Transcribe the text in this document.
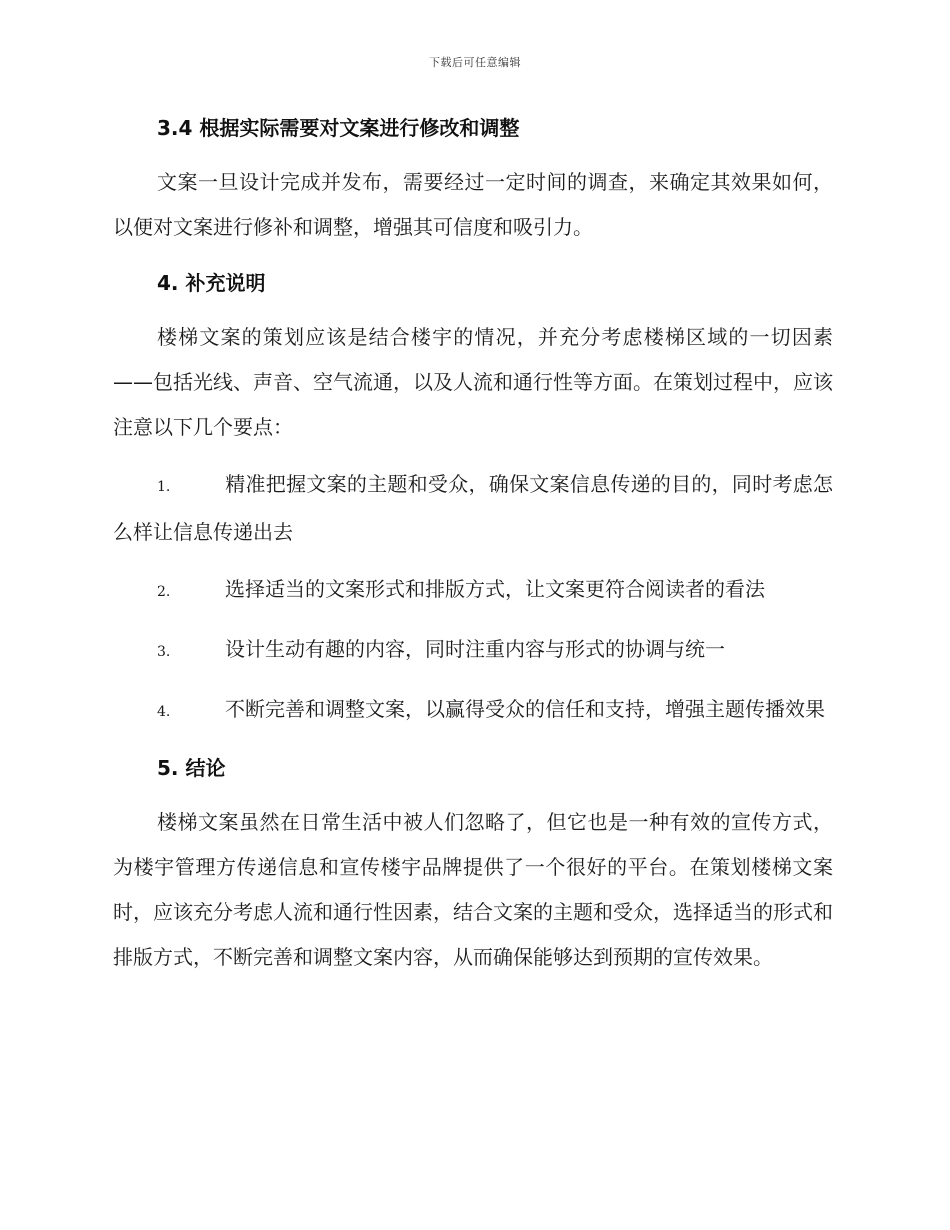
下载后可任意编辑
3.4 根据实际需要对文案进行修改和调整

文案一旦设计完成并发布，需要经过一定时间的调查，来确定其效果如何，以便对文案进行修补和调整，增强其可信度和吸引力。

4. 补充说明

楼梯文案的策划应该是结合楼宇的情况，并充分考虑楼梯区域的一切因素——包括光线、声音、空气流通，以及人流和通行性等方面。在策划过程中，应该注意以下几个要点：

1.	精准把握文案的主题和受众，确保文案信息传递的目的，同时考虑怎么样让信息传递出去

2.	选择适当的文案形式和排版方式，让文案更符合阅读者的看法

3.	设计生动有趣的内容，同时注重内容与形式的协调与统一

4.	不断完善和调整文案，以赢得受众的信任和支持，增强主题传播效果

5. 结论

楼梯文案虽然在日常生活中被人们忽略了，但它也是一种有效的宣传方式，为楼宇管理方传递信息和宣传楼宇品牌提供了一个很好的平台。在策划楼梯文案时，应该充分考虑人流和通行性因素，结合文案的主题和受众，选择适当的形式和排版方式，不断完善和调整文案内容，从而确保能够达到预期的宣传效果。
